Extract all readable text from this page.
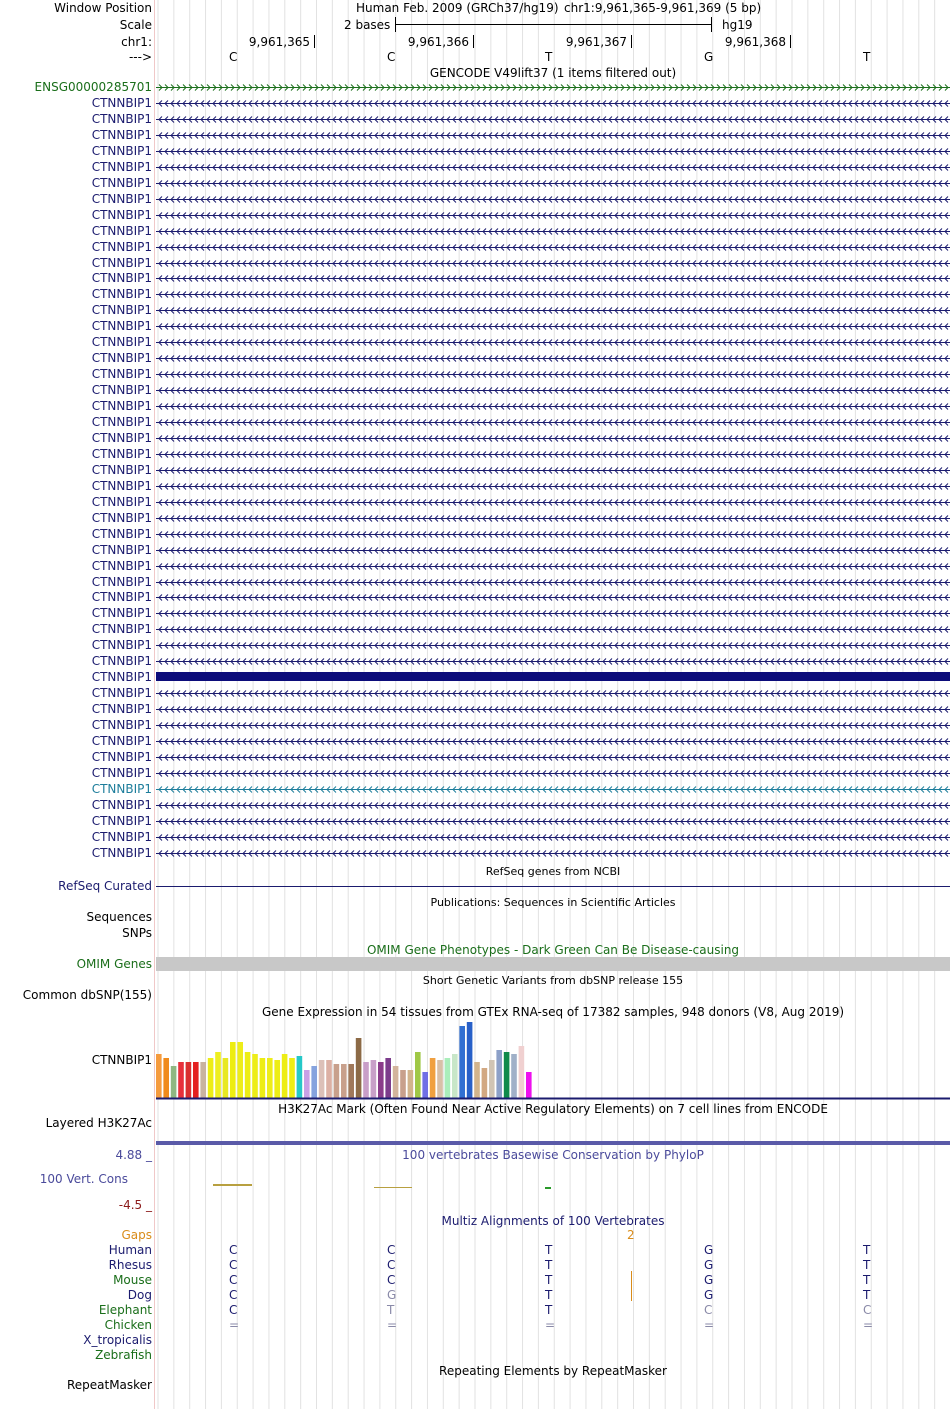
Window Position	Human Feb. 2009 (GRCh37/hg19) chr1:9,961,365-9,961,369 (5 bp)
Scale	2 bases	hg19
chr1:	9,961,365	9,961,366	9,961,367	9,961,368
--->	C	C	T	G	T
GENCODE V49lift37 (1 items filtered out)
ENSG00000285701
CTNNBIP1
CTNNBIP1
CTNNBIP1
CTNNBIP1
CTNNBIP1
CTNNBIP1
CTNNBIP1
CTNNBIP1
CTNNBIP1
CTNNBIP1
CTNNBIP1
CTNNBIP1
CTNNBIP1
CTNNBIP1
CTNNBIP1
CTNNBIP1
CTNNBIP1
CTNNBIP1
CTNNBIP1
CTNNBIP1
CTNNBIP1
CTNNBIP1
CTNNBIP1
CTNNBIP1
CTNNBIP1
CTNNBIP1
CTNNBIP1
CTNNBIP1
CTNNBIP1
CTNNBIP1
CTNNBIP1
CTNNBIP1
CTNNBIP1
CTNNBIP1
CTNNBIP1
CTNNBIP1
CTNNBIP1
CTNNBIP1
CTNNBIP1
CTNNBIP1
CTNNBIP1
CTNNBIP1
CTNNBIP1
CTNNBIP1
CTNNBIP1
CTNNBIP1
CTNNBIP1
CTNNBIP1
RefSeq genes from NCBI
RefSeq Curated
Publications: Sequences in Scientific Articles
Sequences
SNPs
OMIM Gene Phenotypes - Dark Green Can Be Disease-causing
OMIM Genes
Short Genetic Variants from dbSNP release 155
Common dbSNP(155)
Gene Expression in 54 tissues from GTEx RNA-seq of 17382 samples, 948 donors (V8, Aug 2019)
CTNNBIP1
H3K27Ac Mark (Often Found Near Active Regulatory Elements) on 7 cell lines from ENCODE
Layered H3K27Ac
100 vertebrates Basewise Conservation by PhyloP
4.88 _
100 Vert. Cons
-4.5 _
Multiz Alignments of 100 Vertebrates
Gaps	2
Human	C	C	T	G	T
Rhesus	C	C	T	G	T
Mouse	C	C	T	G	T
Dog	C	G	T	G	T
Elephant	C	T	T	C	C
Chicken	=	=	=	=	=
X_tropicalis
Zebrafish
Repeating Elements by RepeatMasker
RepeatMasker
